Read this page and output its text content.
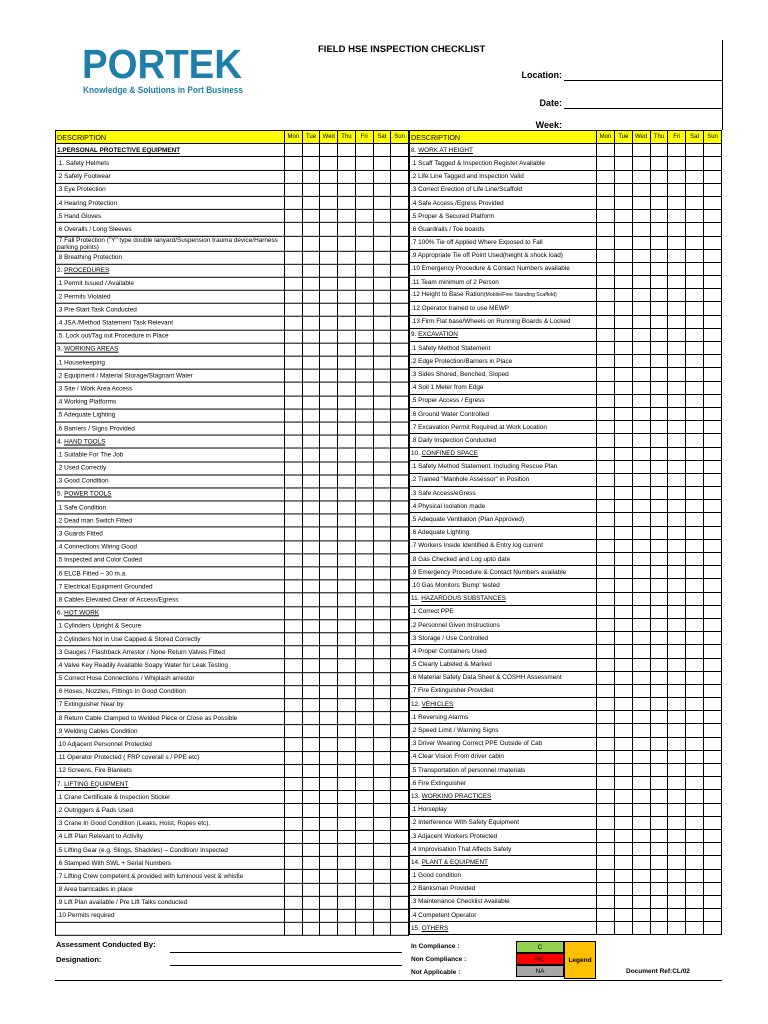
PORTEK
Knowledge & Solutions in Port Business
FIELD HSE INSPECTION CHECKLIST
Location:
Date:
Week:
DESCRIPTION	Mon	Tue	Wed	Thu	Fri	Sat	Sun
1.PERSONAL PROTECTIVE EQUIPMENT							
.1. Safety Helmets							
.2 Safety Footwear							
.3 Eye Protection							
.4 Hearing Protection							
.5 Hand Gloves							
.6 Overalls / Long Sleeves							
.7 Fall Protection ("Y" type double lanyard/Suspension trauma device/Harness parking points)							
.8 Breathing Protection							
2. PROCEDURES							
.1 Permit Issued / Available							
.2 Permits Violated							
.3 Pre Start Task Conducted							
.4 JSA /Method Statement Task Relevant							
.5. Lock out/Tag out Procedure in Place							
3. WORKING AREAS							
.1 Housekeeping							
.2 Equipment / Material Storage/Stagnant Water							
.3 Site / Work Area Access							
.4 Working Platforms							
.5 Adequate Lighting							
.6 Barriers / Signs Provided							
4. HAND TOOLS							
.1 Suitable For The Job							
.2 Used Correctly							
.3 Good Condition							
5. POWER TOOLS							
.1 Safe Condition							
.2 Dead man Switch Fitted							
.3 Guards Fitted							
.4 Connections Wiring Good							
.5 Inspected and Color Coded							
.6 ELCB Fitted – 30 m.a.							
.7 Electrical Equipment Grounded							
.8 Cables Elevated Clear of Access/Egress							
6. HOT WORK							
.1 Cylinders Upright & Secure							
.2 Cylinders Not in Use Capped & Stored Correctly							
.3 Gauges / Flashback Arrestor / None Return Valves Fitted							
.4 Valve Key Readily Available Soapy Water for Leak Testing							
.5 Correct Hose Connections / Whiplash arrestor							
.6 Hoses, Nozzles, Fittings In Good Condition							
.7 Extinguisher Near by							
.8 Return Cable Clamped to Welded Piece or Close as Possible							
.9 Welding Cables Condition							
.10 Adjacent Personnel Protected							
.11 Operator Protected ( FRP coverall s / PPE etc)							
.12 Screens, Fire Blankets							
7. LIFTING EQUIPMENT							
.1 Crane Certificate & Inspection Sticker							
.2 Outriggers & Pads Used							
.3 Crane In Good Condition (Leaks, Hoist, Ropes etc).							
.4 Lift Plan Relevant to Activity							
.5 Lifting Gear (e.g. Slings, Shackles) – Condition/ Inspected							
.6 Stamped With SWL + Serial Numbers							
.7 Lifting Crew competent & provided with luminous vest & whistle							
.8 Area barricades in place							
.9 Lift Plan available / Pre Lift Talks conducted							
.10 Permits required							

DESCRIPTION	Mon	Tue	Wed	Thu	Fri	Sat	Sun
8. WORK AT HEIGHT							
.1 Scaff Tagged & Inspection Register Available							
.2 Life Line Tagged and Inspection Valid							
.3 Correct Erection of Life Line/Scaffold							
.4 Safe Access /Egress Provided							
.5 Proper & Secured Platform							
.6 Guardrails / Toe boards							
.7 100% Tie off Applied Where Exposed to Fall							
.9 Appropriate Tie off Point Used(height & shock load)							
.10 Emergency Procedure & Contact Numbers available							
.11 Team minimum of 2 Person							
.12 Height to Base Ration(Mobile/Free Standing Scaffold)							
.12 Operator trained to use MEWP							
.13 Firm Flat base/Wheels on Running Boards & Locked							
9. EXCAVATION							
.1 Safety Method Statement							
.2 Edge Protection/Barriers in Place							
.3 Sides Shored, Benched, Sloped							
.4 Soil 1 Meter from Edge							
.5 Proper Access / Egress							
.6 Ground Water Controlled							
.7 Excavation Permit Required at Work Location							
.8 Daily Inspection Conducted							
10. CONFINED SPACE							
.1 Safety Method Statement, Including Rescue Plan							
.2 Trained "Manhole Assessor" in Position							
.3 Safe Access/eGress							
.4 Physical Isolation made							
.5 Adequate Ventilation (Plan Approved)							
.6 Adequate Lighting							
.7 Workers Inside Identified & Entry log current							
.8 Gas Checked and Log upto date							
.9 Emergency Procedure & Contact Numbers available							
.10 Gas Monitors 'Bump' tested							
11. HAZARDOUS SUBSTANCES							
.1 Correct PPE							
.2 Personnel Given Instructions							
.3 Storage / Use Controlled							
.4 Proper Containers Used							
.5 Clearly Labeled & Marked							
.6 Material Safety Data Sheet & COSHH Assessment							
.7 Fire Extinguisher Provided							
12. VEHICLES							
.1 Reversing Alarms							
.2 Speed Limit / Warning Signs							
.3 Driver Wearing Correct PPE Outside of Cab							
.4 Clear Vision From driver cabin							
.5 Transportation of personnel /materials							
.6 Fire Extinguisher							
13. WORKING PRACTICES							
.1 Horseplay							
.2 Interference With Safety Equipment							
.3 Adjacent Workers Protected							
.4 Improvisation That Affects Safety							
14. PLANT & EQUIPMENT							
.1 Good condition							
.2 Banksman Provided							
.3 Maintenance Checklist Available							
.4 Competent Operator							
15. OTHERS							
Assessment Conducted By:
Designation:
In Compliance :
Non Compliance :
Not Applicable :
C
NC
NA
Legend
Document Ref:CL/02
